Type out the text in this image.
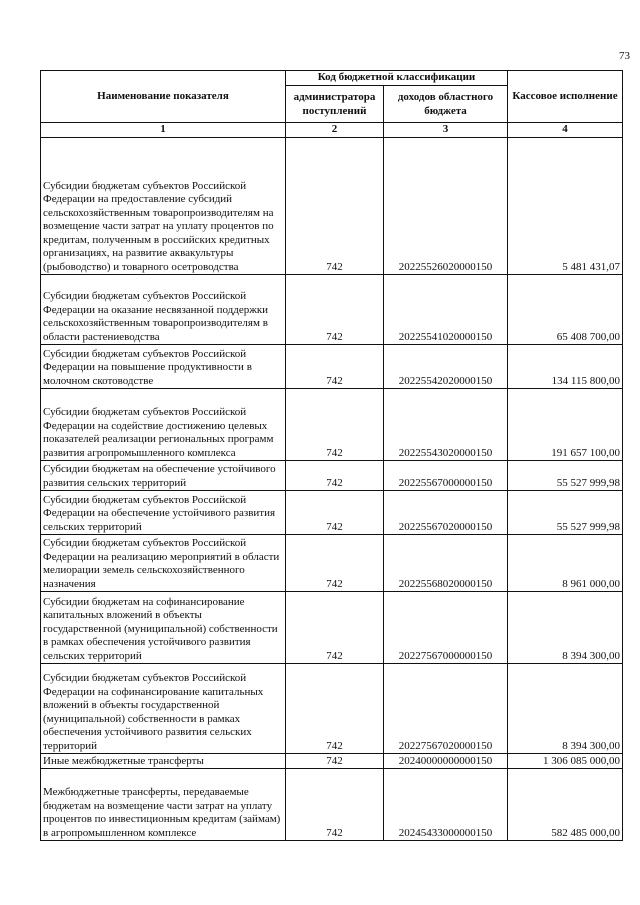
73
Наименование показателя	Код бюджетной классификации		Кассовое исполнение
	администратора поступлений	доходов областного бюджета	
1	2	3	4
Субсидии бюджетам субъектов Российской Федерации на предоставление субсидий сельскохозяйственным товаропроизводителям на возмещение части затрат на уплату процентов по кредитам, полученным в российских кредитных организациях, на развитие аквакультуры (рыбоводство) и товарного осетроводства	742	20225526020000150	5 481 431,07
Субсидии бюджетам субъектов Российской Федерации на оказание несвязанной поддержки сельскохозяйственным товаропроизводителям в области растениеводства	742	20225541020000150	65 408 700,00
Субсидии бюджетам субъектов Российской Федерации на повышение продуктивности в молочном скотоводстве	742	20225542020000150	134 115 800,00
Субсидии бюджетам субъектов Российской Федерации на содействие достижению целевых показателей реализации региональных программ развития агропромышленного комплекса	742	20225543020000150	191 657 100,00
Субсидии бюджетам на обеспечение устойчивого развития сельских территорий	742	20225567000000150	55 527 999,98
Субсидии бюджетам субъектов Российской Федерации на обеспечение устойчивого развития сельских территорий	742	20225567020000150	55 527 999,98
Субсидии бюджетам субъектов Российской Федерации на реализацию мероприятий в области мелиорации земель сельскохозяйственного назначения	742	20225568020000150	8 961 000,00
Субсидии бюджетам на софинансирование капитальных вложений в объекты государственной (муниципальной) собственности в рамках обеспечения устойчивого развития сельских территорий	742	20227567000000150	8 394 300,00
Субсидии бюджетам субъектов Российской Федерации на софинансирование капитальных вложений в объекты государственной (муниципальной) собственности в рамках обеспечения устойчивого развития сельских территорий	742	20227567020000150	8 394 300,00
Иные межбюджетные трансферты	742	20240000000000150	1 306 085 000,00
Межбюджетные трансферты, передаваемые бюджетам на возмещение части затрат на уплату процентов по инвестиционным кредитам (займам) в агропромышленном комплексе	742	20245433000000150	582 485 000,00
